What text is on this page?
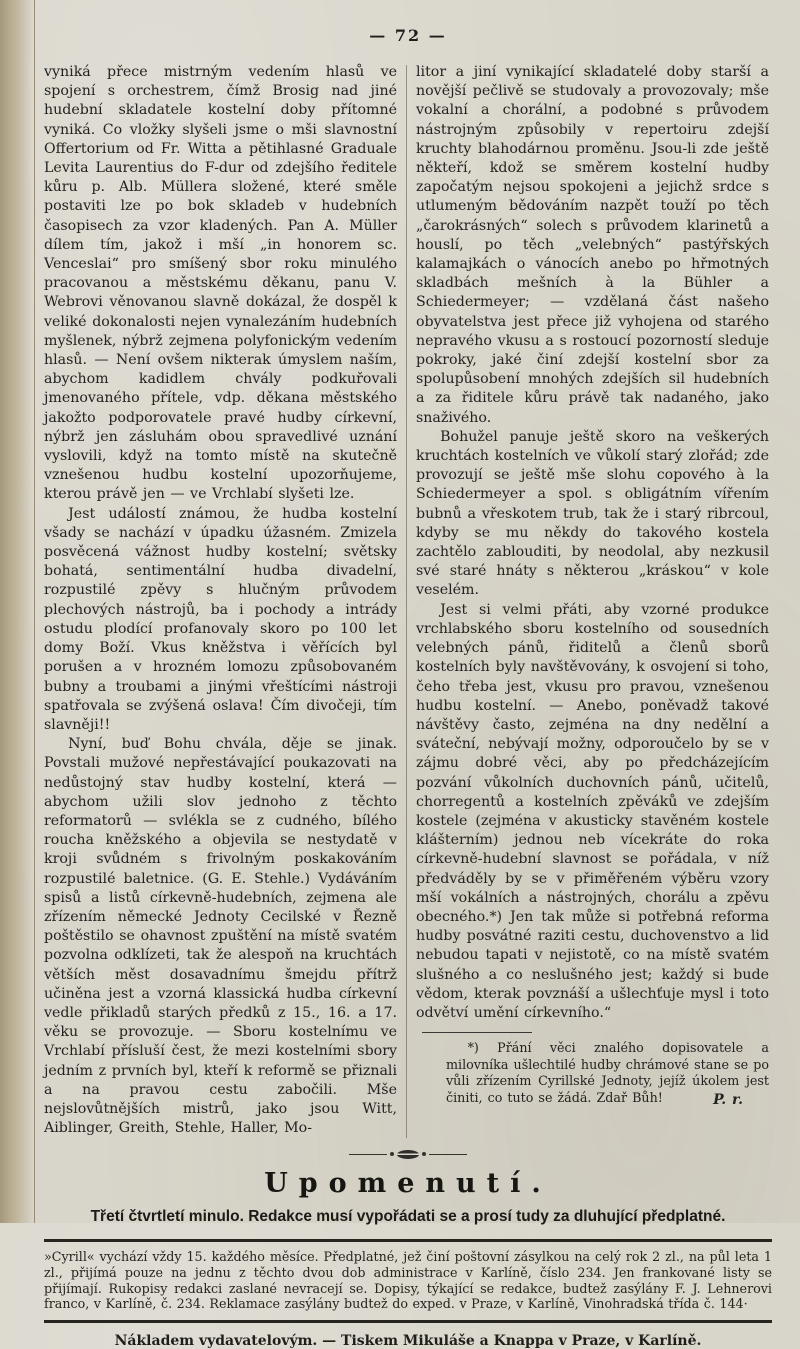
— 72 —

vyniká přece mistrným vedením hlasů ve spojení s orchestrem, čímž Brosig nad jiné hudební skladatele kostelní doby přítomné vyniká. Co vložky slyšeli jsme o mši slavnostní Offertorium od Fr. Witta a pětihlasné Graduale Levita Laurentius do F-dur od zdejšího ředitele kůru p. Alb. Müllera složené, které směle postaviti lze po bok skladeb v hudebních časopisech za vzor kladených. Pan A. Müller dílem tím, jakož i mší „in honorem sc. Venceslai“ pro smíšený sbor roku minulého pracovanou a městskému děkanu, panu V. Webrovi věnovanou slavně dokázal, že dospěl k veliké dokonalosti nejen vynalezáním hudebních myšlenek, nýbrž zejmena polyfonickým vedením hlasů. — Není ovšem nikterak úmyslem naším, abychom kadidlem chvály podkuřovali jmenovaného přítele, vdp. děkana městského jakožto podporovatele pravé hudby církevní, nýbrž jen zásluhám obou spravedlivé uznání vyslovili, když na tomto místě na skutečně vznešenou hudbu kostelní upozorňujeme, kterou právě jen — ve Vrchlabí slyšeti lze.

Jest událostí známou, že hudba kostelní všady se nachází v úpadku úžasném. Zmizela posvěcená vážnost hudby kostelní; světsky bohatá, sentimentální hudba divadelní, rozpustilé zpěvy s hlučným průvodem plechových nástrojů, ba i pochody a intrády ostudu plodící profanovaly skoro po 100 let domy Boží. Vkus kněžstva i věřících byl porušen a v hrozném lomozu způsobovaném bubny a troubami a jinými vřeštícími nástroji spatřovala se zvýšená oslava! Čím divočeji, tím slavněji!!

Nyní, buď Bohu chvála, děje se jinak. Povstali mužové nepřestávající poukazovati na nedůstojný stav hudby kostelní, která — abychom užili slov jednoho z těchto reformatorů — svlékla se z cudného, bílého roucha kněžského a objevila se nestydatě v kroji svůdném s frivolným poskakováním rozpustilé baletnice. (G. E. Stehle.) Vydáváním spisů a listů církevně-hudebních, zejmena ale zřízením německé Jednoty Cecilské v Řezně poštěstilo se ohavnost zpuštění na místě svatém pozvolna odklízeti, tak že alespoň na kruchtách větších měst dosavadnímu šmejdu přítrž učiněna jest a vzorná klassická hudba církevní vedle přikladů starých předků z 15., 16. a 17. věku se provozuje. — Sboru kostelnímu ve Vrchlabí přísluší čest, že mezi kostelními sbory jedním z prvních byl, kteří k reformě se přiznali a na pravou cestu zabočili. Mše nejslovůtnějších mistrů, jako jsou Witt, Aiblinger, Greith, Stehle, Haller, Mo-

litor a jiní vynikající skladatelé doby starší a novější pečlivě se studovaly a provozovaly; mše vokalní a chorální, a podobné s průvodem nástrojným způsobily v repertoiru zdejší kruchty blahodárnou proměnu. Jsou-li zde ještě někteří, kdož se směrem kostelní hudby započatým nejsou spokojeni a jejichž srdce s utlumeným bědováním nazpět touží po těch „čarokrásných“ solech s průvodem klarinetů a houslí, po těch „velebných“ pastýřských kalamajkách o vánocích anebo po hřmotných skladbách mešních à la Bühler a Schiedermeyer; — vzdělaná část našeho obyvatelstva jest přece již vyhojena od starého nepravého vkusu a s rostoucí pozorností sleduje pokroky, jaké činí zdejší kostelní sbor za spolupůsobení mnohých zdejších sil hudebních a za řiditele kůru právě tak nadaného, jako snaživého.

Bohužel panuje ještě skoro na veškerých kruchtách kostelních ve vůkolí starý zlořád; zde provozují se ještě mše slohu copového à la Schiedermeyer a spol. s obligátním vířením bubnů a vřeskotem trub, tak že i starý ribrcoul, kdyby se mu někdy do takového kostela zachtělo zablouditi, by neodolal, aby nezkusil své staré hnáty s některou „kráskou“ v kole veselém.

Jest si velmi přáti, aby vzorné produkce vrchlabského sboru kostelního od sousedních velebných pánů, řiditelů a členů sborů kostelních byly navštěvovány, k osvojení si toho, čeho třeba jest, vkusu pro pravou, vznešenou hudbu kostelní. — Anebo, poněvadž takové návštěvy často, zejména na dny nedělní a sváteční, nebývají možny, odporoučelo by se v zájmu dobré věci, aby po předcházejícím pozvání vůkolních duchovních pánů, učitelů, chorregentů a kostelních zpěváků ve zdejším kostele (zejména v akusticky stavěném kostele klášterním) jednou neb vícekráte do roka církevně-hudební slavnost se pořádala, v níž předváděly by se v přiměřeném výběru vzory mší vokálních a nástrojných, chorálu a zpěvu obecného.*) Jen tak může si potřebná reforma hudby posvátné raziti cestu, duchovenstvo a lid nebudou tapati v nejistotě, co na místě svatém slušného a co neslušného jest; každý si bude vědom, kterak povznáší a ušlechťuje mysl i toto odvětví umění církevního.“

*) Přání věci znalého dopisovatele a milovníka ušlechtilé hudby chrámové stane se po vůli zřízením Cyrillské Jednoty, jejíž úkolem jest činiti, co tuto se žádá. Zdař Bůh!	P. r.
Upomenutí.
Třetí čtvrtletí minulo. Redakce musí vypořádati se a prosí tudy za dluhující předplatné.

»Cyrill« vychází vždy 15. každého měsíce. Předplatné, jež činí poštovní zásylkou na celý rok 2 zl., na půl leta 1 zl., přijímá pouze na jednu z těchto dvou dob administrace v Karlíně, číslo 234. Jen frankované listy se přijímají. Rukopisy redakci zaslané nevracejí se. Dopisy, týkající se redakce, budtež zasýlány F. J. Lehnerovi franco, v Karlíně, č. 234. Reklamace zasýlány budtež do exped. v Praze, v Karlíně, Vinohradská třída č. 144·

Nákladem vydavatelovým. — Tiskem Mikuláše a Knappa v Praze, v Karlíně.
